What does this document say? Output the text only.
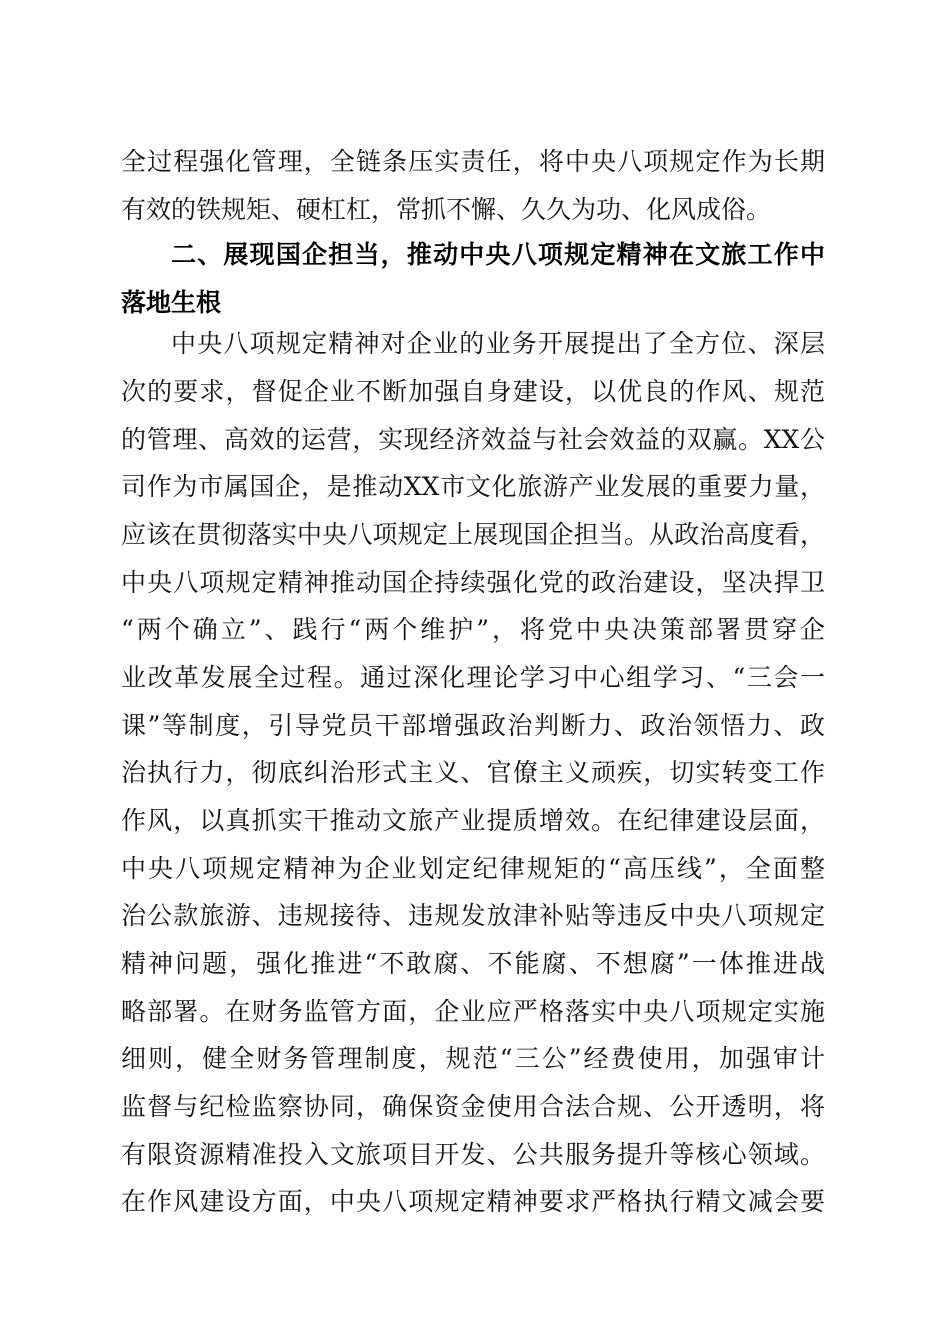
全过程强化管理，全链条压实责任，将中央八项规定作为长期
有效的铁规矩、硬杠杠，常抓不懈、久久为功、化风成俗。
二、展现国企担当，推动中央八项规定精神在文旅工作中
落地生根
中央八项规定精神对企业的业务开展提出了全方位、深层
次的要求，督促企业不断加强自身建设，以优良的作风、规范
的管理、高效的运营，实现经济效益与社会效益的双赢。XX公
司作为市属国企，是推动XX市文化旅游产业发展的重要力量，
应该在贯彻落实中央八项规定上展现国企担当。从政治高度看，
中央八项规定精神推动国企持续强化党的政治建设，坚决捍卫
“两个确立”、践行“两个维护”，将党中央决策部署贯穿企
业改革发展全过程。通过深化理论学习中心组学习、“三会一
课”等制度，引导党员干部增强政治判断力、政治领悟力、政
治执行力，彻底纠治形式主义、官僚主义顽疾，切实转变工作
作风，以真抓实干推动文旅产业提质增效。在纪律建设层面，
中央八项规定精神为企业划定纪律规矩的“高压线”，全面整
治公款旅游、违规接待、违规发放津补贴等违反中央八项规定
精神问题，强化推进“不敢腐、不能腐、不想腐”一体推进战
略部署。在财务监管方面，企业应严格落实中央八项规定实施
细则，健全财务管理制度，规范“三公”经费使用，加强审计
监督与纪检监察协同，确保资金使用合法合规、公开透明，将
有限资源精准投入文旅项目开发、公共服务提升等核心领域。
在作风建设方面，中央八项规定精神要求严格执行精文减会要
